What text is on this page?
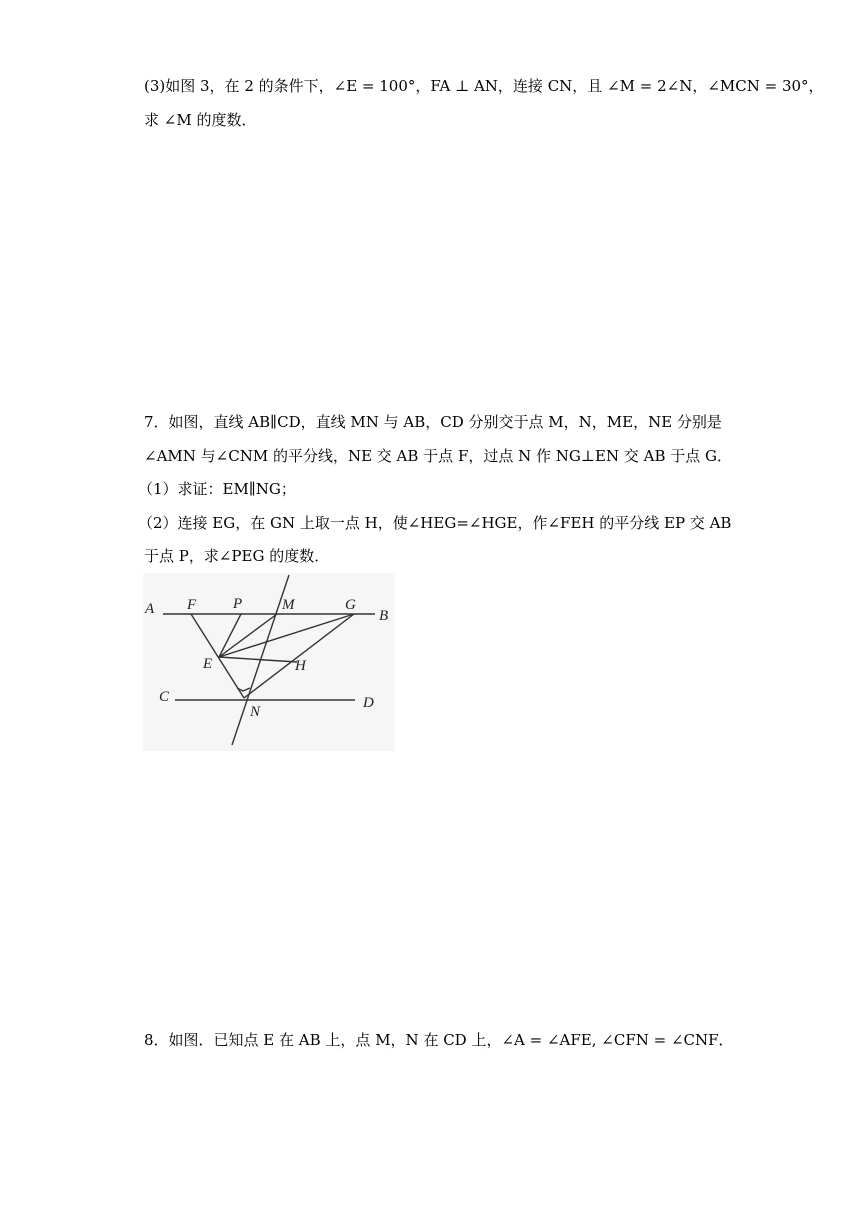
(3)如图 3，在 2 的条件下，∠E = 100°，FA ⊥ AN，连接 CN，且 ∠M = 2∠N，∠MCN = 30°，
求 ∠M 的度数．
7．如图，直线 AB∥CD，直线 MN 与 AB，CD 分别交于点 M，N，ME，NE 分别是
∠AMN 与∠CNM 的平分线，NE 交 AB 于点 F，过点 N 作 NG⊥EN 交 AB 于点 G．
（1）求证：EM∥NG；
（2）连接 EG，在 GN 上取一点 H，使∠HEG=∠HGE，作∠FEH 的平分线 EP 交 AB
于点 P，求∠PEG 的度数．
A F P	M	G
B
E	H
C
N
D
8．如图．已知点 E 在 AB 上，点 M，N 在 CD 上，∠A = ∠AFE, ∠CFN = ∠CNF．
